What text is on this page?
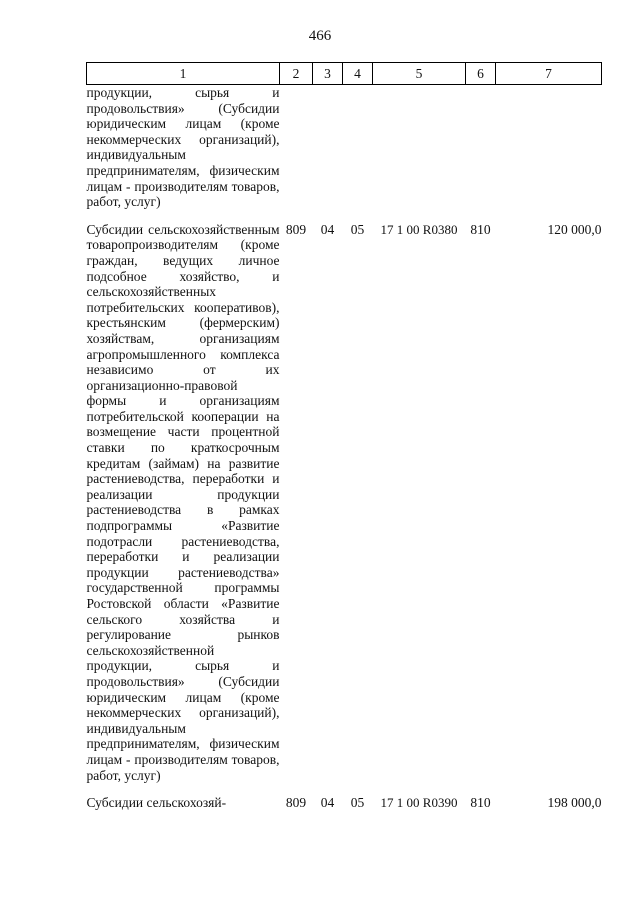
466
1	2	3	4	5	6	7
продукции, сырья и продовольствия» (Субсидии юридическим лицам (кроме некоммерческих организаций), индивидуальным предпринимателям, физическим лицам - производителям товаров, работ, услуг)						

Субсидии сельскохозяйственным товаропроизводителям (кроме граждан, ведущих личное подсобное хозяйство, и сельскохозяйственных потребительских кооперативов), крестьянским (фермерским) хозяйствам, организациям агропромышленного комплекса независимо от их организационно-правовой формы и организациям потребительской кооперации на возмещение части процентной ставки по краткосрочным кредитам (займам) на развитие растениеводства, переработки и реализации продукции растениеводства в рамках подпрограммы «Развитие подотрасли растениеводства, переработки и реализации продукции растениеводства» государственной программы Ростовской области «Развитие сельского хозяйства и регулирование рынков сельскохозяйственной продукции, сырья и продовольствия» (Субсидии юридическим лицам (кроме некоммерческих организаций), индивидуальным предпринимателям, физическим лицам - производителям товаров, работ, услуг)	809	04	05	17 1 00 R0380	810	120 000,0

Субсидии сельскохозяй-	809	04	05	17 1 00 R0390	810	198 000,0
